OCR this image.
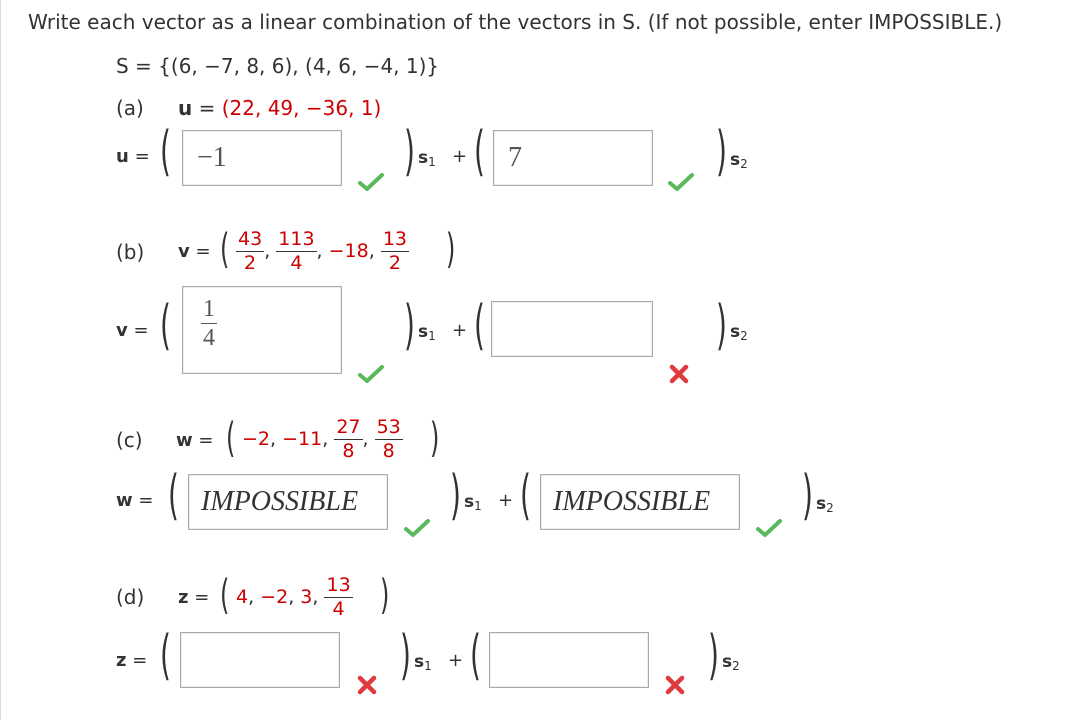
Write each vector as a linear combination of the vectors in S. (If not possible, enter IMPOSSIBLE.)
S = {(6, −7, 8, 6), (4, 6, −4, 1)}
(a) u = (22, 49, −36, 1)
u = ( −1	) $s_1$ + ( 7	) $s_2$
(b) v = ( $\frac{43}{2}$ , $\frac{113}{4}$ , −18, $\frac{13}{2}$ )
v = ( $\frac{1}{4}$	) $s_1$ + (	) $s_2$
(c) w = ( −2, −11, $\frac{27}{8}$ , $\frac{53}{8}$ )
w = ( IMPOSSIBLE	) $s_1$ + ( IMPOSSIBLE	) $s_2$
(d) z = ( 4, −2, 3, $\frac{13}{4}$ )
z = (	) $s_1$ + (	) $s_2$
